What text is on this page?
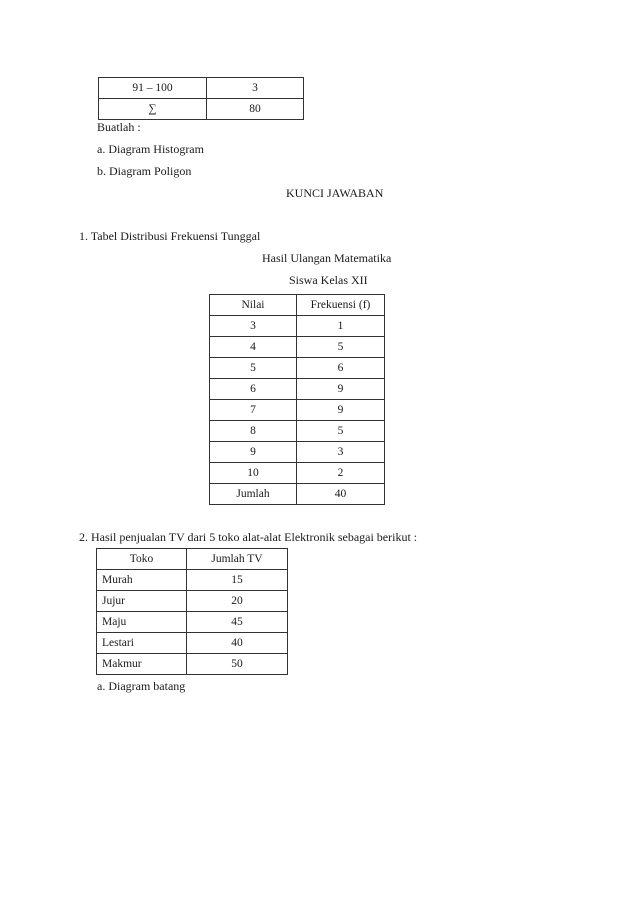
91 – 100	3
∑	80
Buatlah :
a. Diagram Histogram
b. Diagram Poligon
KUNCI JAWABAN
1. Tabel Distribusi Frekuensi Tunggal
Hasil Ulangan Matematika
Siswa Kelas XII
Nilai	Frekuensi (f)
3	1
4	5
5	6
6	9
7	9
8	5
9	3
10	2
Jumlah	40
2. Hasil penjualan TV dari 5 toko alat-alat Elektronik sebagai berikut :
Toko	Jumlah TV
Murah	15
Jujur	20
Maju	45
Lestari	40
Makmur	50
a. Diagram batang
